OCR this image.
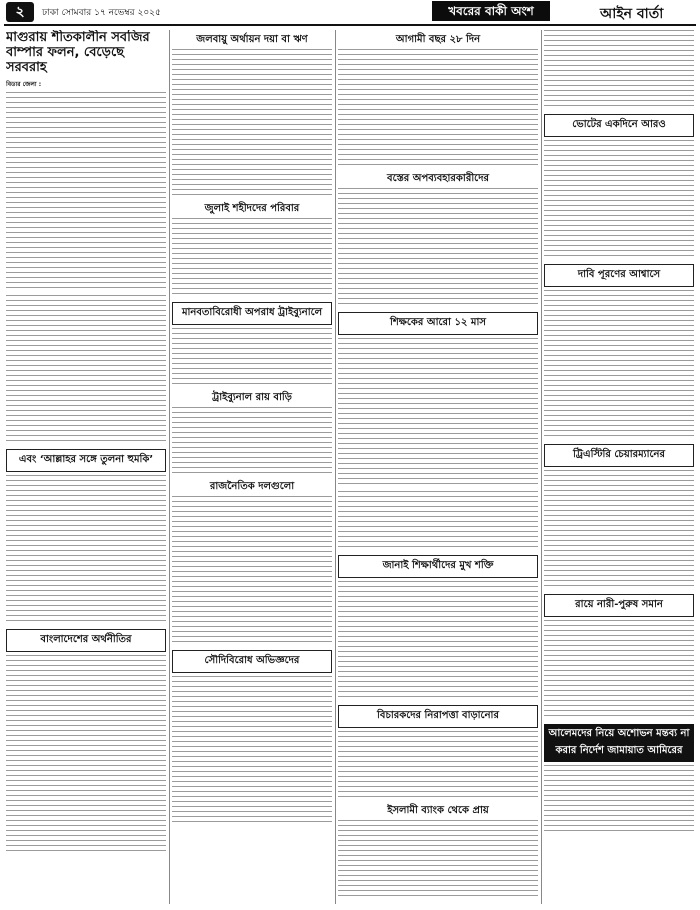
২	ঢাকা সোমবার ১৭ নভেম্বর ২০২৫	খবরের বাকী অংশ	আইন বার্তা
মাগুরায় শীতকালীন সবজির বাম্পার ফলন, বেড়েছে সরবরাহ
বিডার জেলা :
এবং ‘আল্লাহর সঙ্গে তুলনা হুমকি’
বাংলাদেশের অর্থনীতির
জলবায়ু অর্থায়ন দয়া বা ঋণ
জুলাই শহীদদের পরিবার
মানবতাবিরোধী অপরাধ ট্রাইব্যুনালে
ট্রাইব্যুনাল রায় বাড়ি
রাজনৈতিক দলগুলো
সৌদিবিরোধ অভিজ্ঞদের
আগামী বছর ২৮ দিন
বস্তের অপব্যবহারকারীদের
শিক্ষকের আরো ১২ মাস
জানাই শিক্ষার্থীদের মুখ শক্তি
বিচারকদের নিরাপত্তা বাড়ানোর
ইসলামী ব্যাংক থেকে প্রায়
ভোটের একদিনে আরও
দাবি পূরণের আশ্বাসে
ট্রিএস্টিরি চেয়ারম্যানের
রায়ে নারী-পুরুষ সমান
আলেমদের নিয়ে অশোভন মন্তব্য না করার নির্দেশ জামায়াত আমিরের
